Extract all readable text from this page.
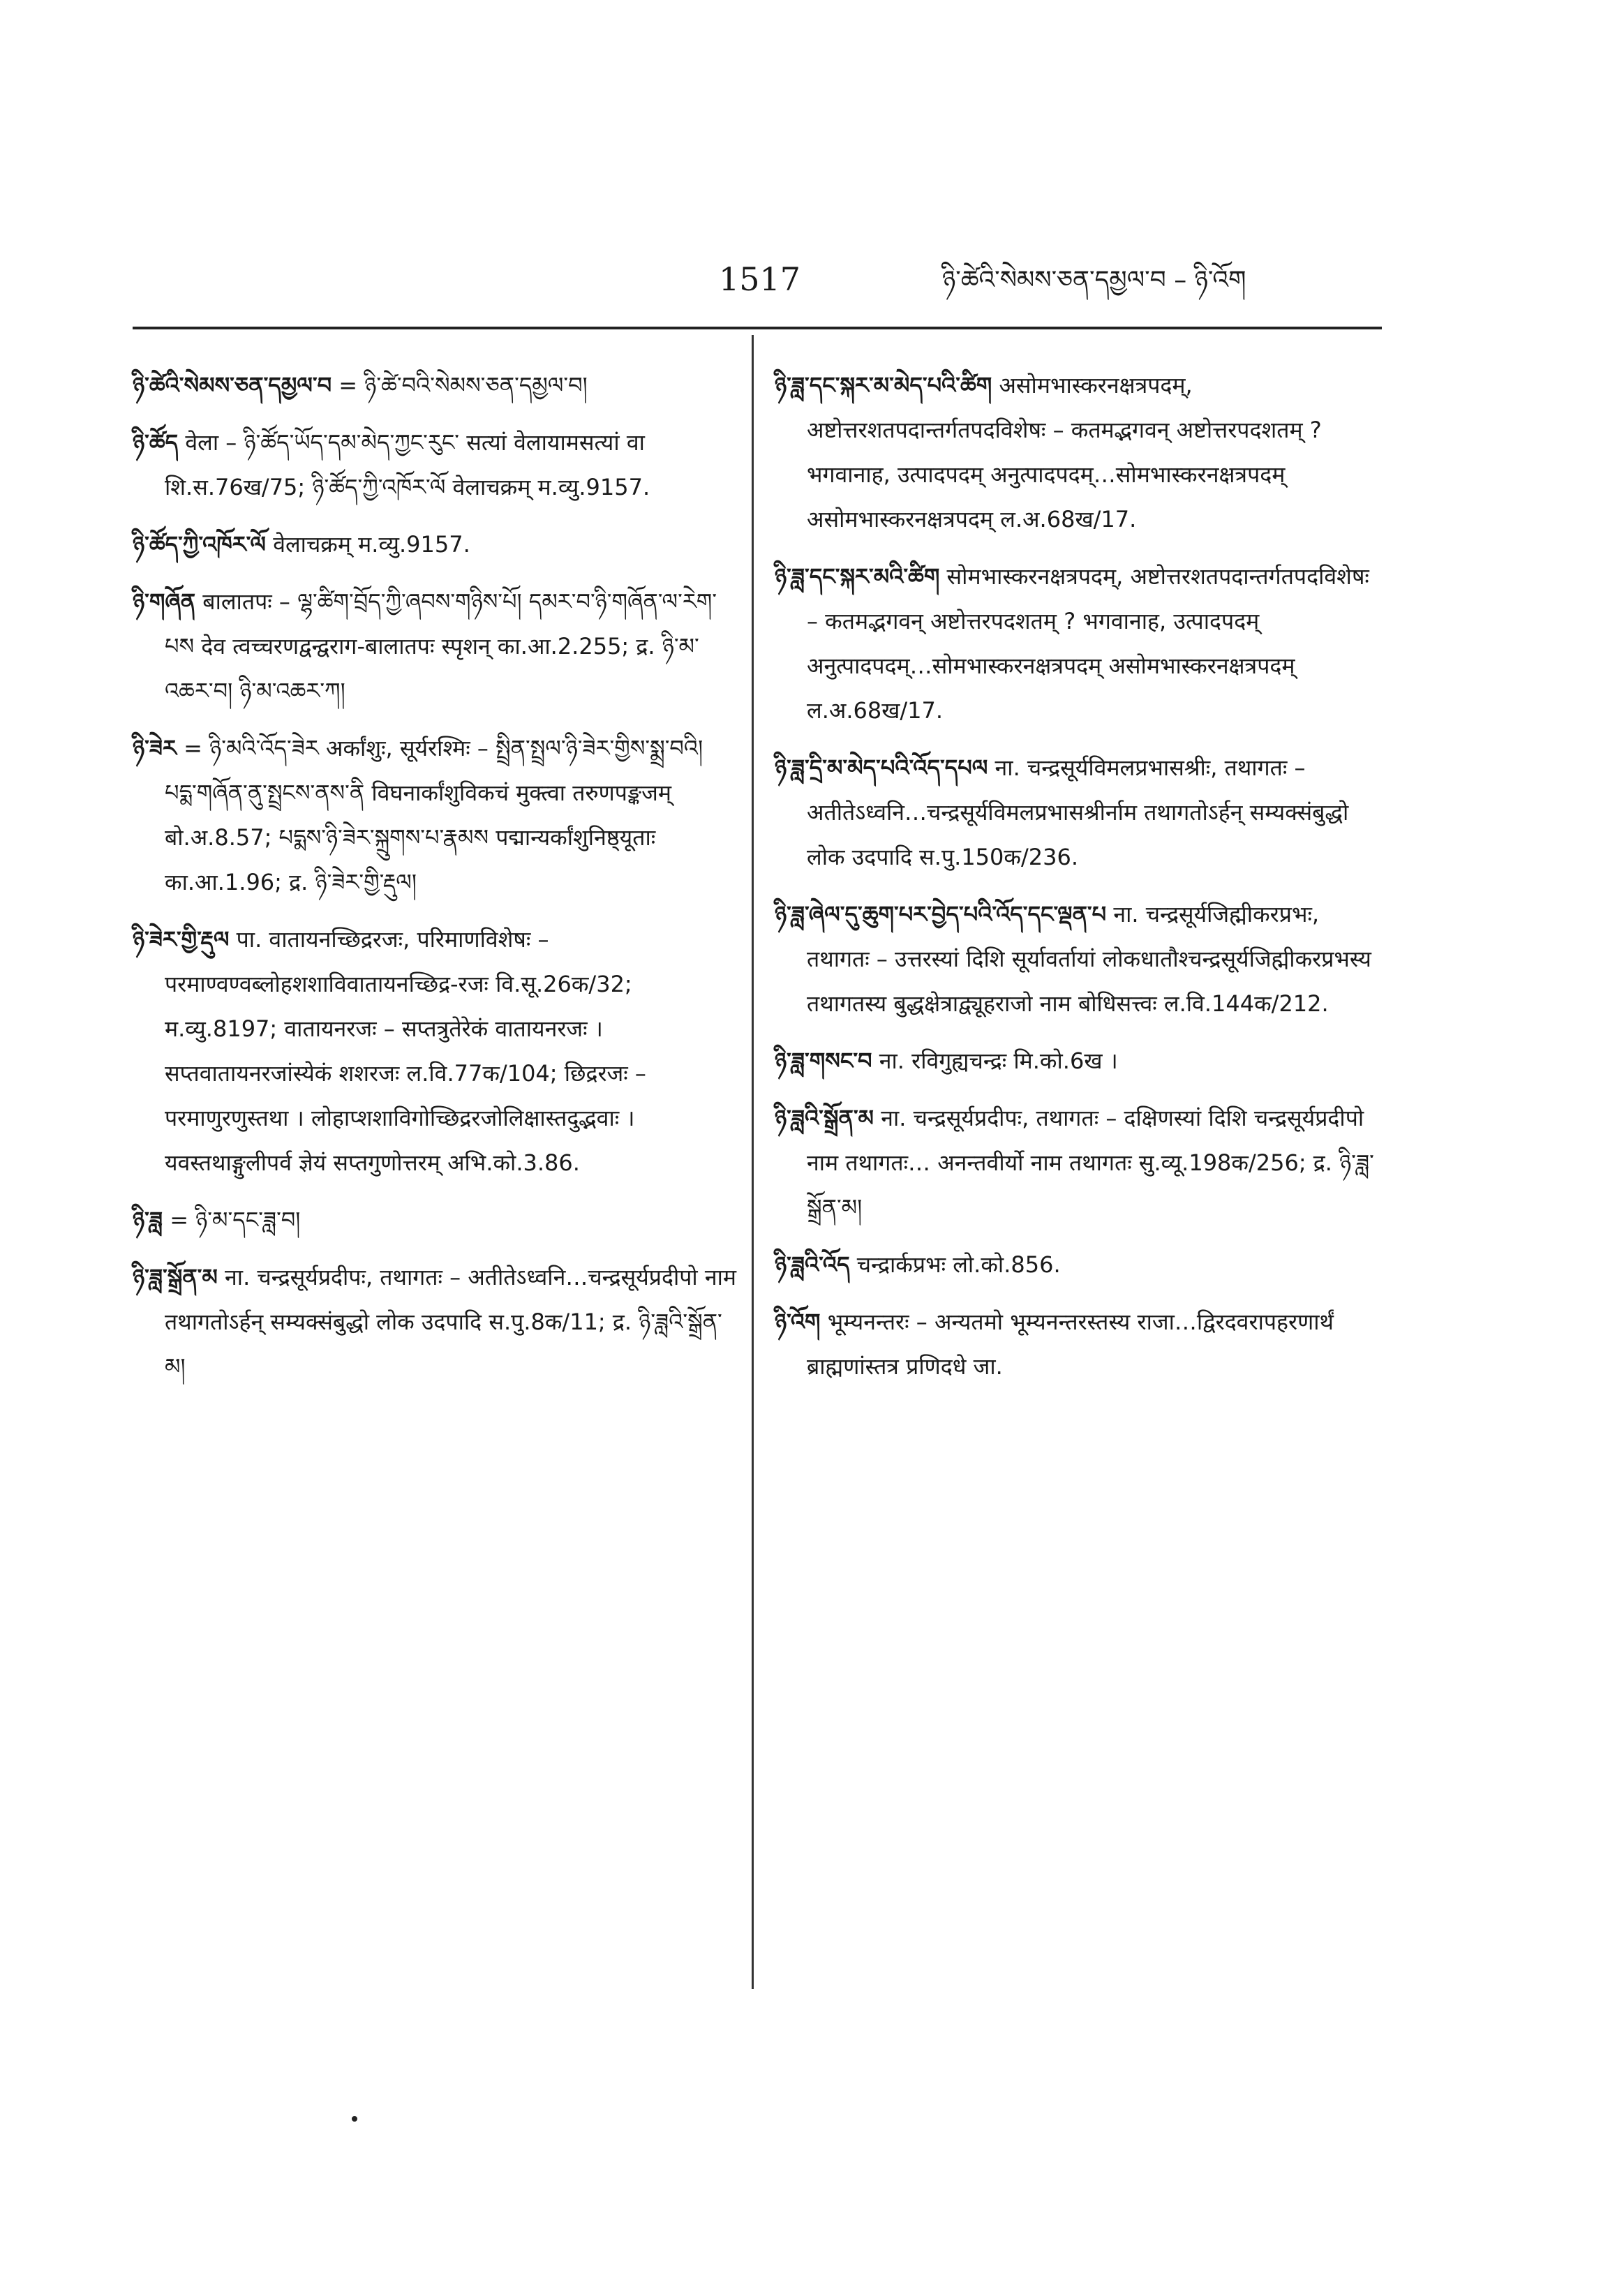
1517	ཉི་ཚེའི་སེམས་ཅན་དམྱལ་བ – ཉི་འོག

ཉི་ཚེའི་སེམས་ཅན་དམྱལ་བ = ཉི་ཚེ་བའི་སེམས་ཅན་དམྱལ་བ།

ཉི་ཚོད वेला – ཉི་ཚོད་ཡོད་དམ་མེད་ཀྱང་རུང་ सत्यां वेलायामसत्यां वा शि.स.76ख/75; ཉི་ཚོད་ཀྱི་འཁོར་ལོ वेलाचक्रम् म.व्यु.9157.

ཉི་ཚོད་ཀྱི་འཁོར་ལོ वेलाचक्रम् म.व्यु.9157.

ཉི་གཞོན बालातपः – ལྷ་ཚིག་བྲོད་ཀྱི་ཞབས་གཉིས་པོ། དམར་བ་ཉི་གཞོན་ལ་རེག་པས देव त्वच्चरणद्वन्द्वराग-बालातपः स्पृशन् का.आ.2.255; द्र. ཉི་མ་འཆར་བ། ཉི་མ་འཆར་ཀ།

ཉི་ཟེར = ཉི་མའི་འོད་ཟེར अर्कांशुः, सूर्यरश्मिः – སྤྲིན་སྤྲལ་ཉི་ཟེར་གྱིས་སྨྲ་བའི། པདྨ་གཞོན་ནུ་སྤྲངས་ནས་ནི विघनार्कांशुविकचं मुक्त्वा तरुणपङ्कजम् बो.अ.8.57; པདྨས་ཉི་ཟེར་སྐྲུགས་པ་རྣམས पद्मान्यर्कांशुनिष्ठ्यूताः का.आ.1.96; द्र. ཉི་ཟེར་གྱི་རྡུལ།

ཉི་ཟེར་གྱི་རྡུལ पा. वातायनच्छिद्ररजः, परिमाणविशेषः – परमाण्वण्वब्लोहशशाविवातायनच्छिद्र-रजः वि.सू.26क/32; म.व्यु.8197; वातायनरजः – सप्तत्रुतेरेकं वातायनरजः । सप्तवातायनरजांस्येकं शशरजः ल.वि.77क/104; छिद्ररजः – परमाणुरणुस्तथा । लोहाप्शशाविगोच्छिद्ररजोलिक्षास्तदुद्भवाः । यवस्तथाङ्गुलीपर्व ज्ञेयं सप्तगुणोत्तरम् अभि.को.3.86.

ཉི་ཟླ = ཉི་མ་དང་ཟླ་བ།

ཉི་ཟླ་སྒྲོན་མ ना. चन्द्रसूर्यप्रदीपः, तथागतः – अतीतेऽध्वनि…चन्द्रसूर्यप्रदीपो नाम तथागतोऽर्हन् सम्यक्संबुद्धो लोक उदपादि स.पु.8क/11; द्र. ཉི་ཟླའི་སྒྲོན་མ།

ཉི་ཟླ་དང་སྐར་མ་མེད་པའི་ཚིག असोमभास्करनक्षत्रपदम्, अष्टोत्तरशतपदान्तर्गतपदविशेषः – कतमद्भगवन् अष्टोत्तरपदशतम् ? भगवानाह, उत्पादपदम् अनुत्पादपदम्…सोमभास्करनक्षत्रपदम् असोमभास्करनक्षत्रपदम् ल.अ.68ख/17.

ཉི་ཟླ་དང་སྐར་མའི་ཚིག सोमभास्करनक्षत्रपदम्, अष्टोत्तरशतपदान्तर्गतपदविशेषः – कतमद्भगवन् अष्टोत्तरपदशतम् ? भगवानाह, उत्पादपदम् अनुत्पादपदम्…सोमभास्करनक्षत्रपदम् असोमभास्करनक्षत्रपदम् ल.अ.68ख/17.

ཉི་ཟླ་དྲི་མ་མེད་པའི་འོད་དཔལ ना. चन्द्रसूर्यविमलप्रभासश्रीः, तथागतः – अतीतेऽध्वनि…चन्द्रसूर्यविमलप्रभासश्रीर्नाम तथागतोऽर्हन् सम्यक्संबुद्धो लोक उदपादि स.पु.150क/236.

ཉི་ཟླ་ཞེལ་དུ་ཆུག་པར་བྱེད་པའི་འོད་དང་ལྡན་པ ना. चन्द्रसूर्यजिह्मीकरप्रभः, तथागतः – उत्तरस्यां दिशि सूर्यावर्तायां लोकधातौश्चन्द्रसूर्यजिह्मीकरप्रभस्य तथागतस्य बुद्धक्षेत्राद्व्यूहराजो नाम बोधिसत्त्वः ल.वि.144क/212.

ཉི་ཟླ་གསང་བ ना. रविगुह्यचन्द्रः मि.को.6ख ।

ཉི་ཟླའི་སྒྲོན་མ ना. चन्द्रसूर्यप्रदीपः, तथागतः – दक्षिणस्यां दिशि चन्द्रसूर्यप्रदीपो नाम तथागतः… अनन्तवीर्यो नाम तथागतः सु.व्यू.198क/256; द्र. ཉི་ཟླ་སྒྲོན་མ།

ཉི་ཟླའི་འོད चन्द्रार्कप्रभः लो.को.856.

ཉི་འོག भूम्यनन्तरः – अन्यतमो भूम्यनन्तरस्तस्य राजा…द्विरदवरापहरणार्थं ब्राह्मणांस्तत्र प्रणिदधे जा.
